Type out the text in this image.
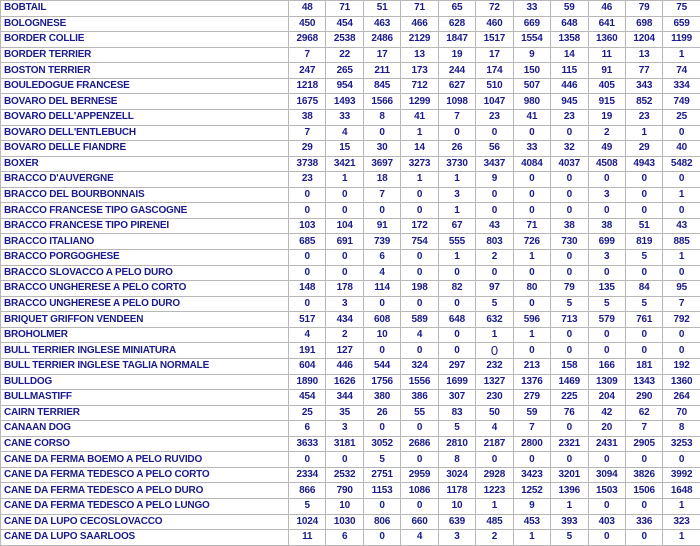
BOBTAIL	48	71	51	71	65	72	33	59	46	79	75
BOLOGNESE	450	454	463	466	628	460	669	648	641	698	659
BORDER COLLIE	2968	2538	2486	2129	1847	1517	1554	1358	1360	1204	1199
BORDER TERRIER	7	22	17	13	19	17	9	14	11	13	1
BOSTON TERRIER	247	265	211	173	244	174	150	115	91	77	74
BOULEDOGUE FRANCESE	1218	954	845	712	627	510	507	446	405	343	334
BOVARO DEL BERNESE	1675	1493	1566	1299	1098	1047	980	945	915	852	749
BOVARO DELL'APPENZELL	38	33	8	41	7	23	41	23	19	23	25
BOVARO DELL'ENTLEBUCH	7	4	0	1	0	0	0	0	2	1	0
BOVARO DELLE FIANDRE	29	15	30	14	26	56	33	32	49	29	40
BOXER	3738	3421	3697	3273	3730	3437	4084	4037	4508	4943	5482
BRACCO D'AUVERGNE	23	1	18	1	1	9	0	0	0	0	0
BRACCO DEL BOURBONNAIS	0	0	7	0	3	0	0	0	3	0	1
BRACCO FRANCESE TIPO GASCOGNE	0	0	0	0	1	0	0	0	0	0	0
BRACCO FRANCESE TIPO PIRENEI	103	104	91	172	67	43	71	38	38	51	43
BRACCO ITALIANO	685	691	739	754	555	803	726	730	699	819	885
BRACCO PORGOGHESE	0	0	6	0	1	2	1	0	3	5	1
BRACCO SLOVACCO A PELO DURO	0	0	4	0	0	0	0	0	0	0	0
BRACCO UNGHERESE A PELO CORTO	148	178	114	198	82	97	80	79	135	84	95
BRACCO UNGHERESE A PELO DURO	0	3	0	0	0	5	0	5	5	5	7
BRIQUET GRIFFON VENDEEN	517	434	608	589	648	632	596	713	579	761	792
BROHOLMER	4	2	10	4	0	1	1	0	0	0	0
BULL TERRIER INGLESE MINIATURA	191	127	0	0	0	0	0	0	0	0	0
BULL TERRIER INGLESE TAGLIA NORMALE	604	446	544	324	297	232	213	158	166	181	192
BULLDOG	1890	1626	1756	1556	1699	1327	1376	1469	1309	1343	1360
BULLMASTIFF	454	344	380	386	307	230	279	225	204	290	264
CAIRN TERRIER	25	35	26	55	83	50	59	76	42	62	70
CANAAN DOG	6	3	0	0	5	4	7	0	20	7	8
CANE CORSO	3633	3181	3052	2686	2810	2187	2800	2321	2431	2905	3253
CANE DA FERMA BOEMO A PELO RUVIDO	0	0	5	0	8	0	0	0	0	0	0
CANE DA FERMA TEDESCO A PELO CORTO	2334	2532	2751	2959	3024	2928	3423	3201	3094	3826	3992
CANE DA FERMA TEDESCO A PELO DURO	866	790	1153	1086	1178	1223	1252	1396	1503	1506	1648
CANE DA FERMA TEDESCO A PELO LUNGO	5	10	0	0	10	1	9	1	0	0	1
CANE DA LUPO CECOSLOVACCO	1024	1030	806	660	639	485	453	393	403	336	323
CANE DA LUPO SAARLOOS	11	6	0	4	3	2	1	5	0	0	1
